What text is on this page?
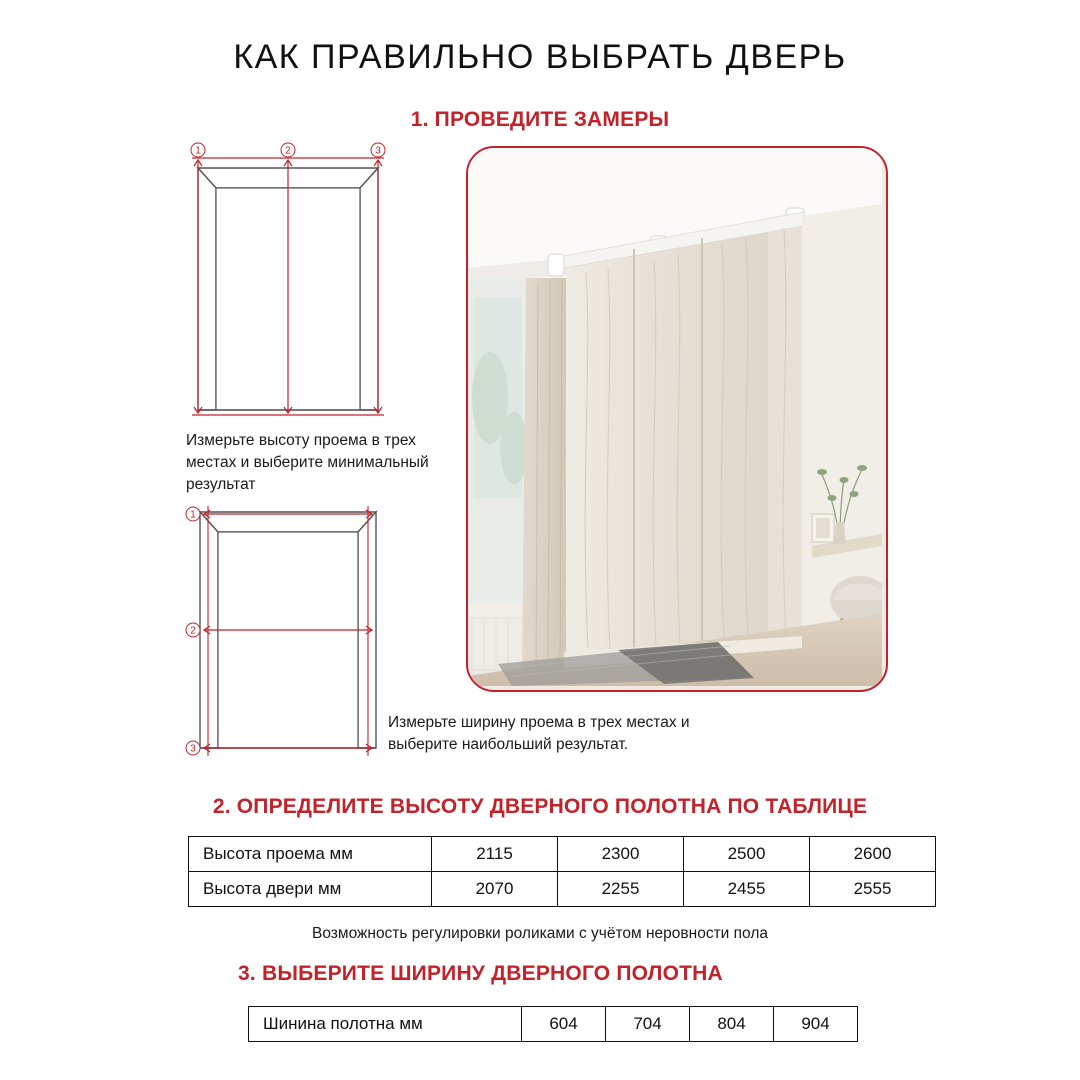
КАК ПРАВИЛЬНО ВЫБРАТЬ ДВЕРЬ
1. ПРОВЕДИТЕ ЗАМЕРЫ
1	2	3
Измерьте высоту проема в трех местах и выберите минимальный результат
1
2
3
Измерьте ширину проема в трех местах и выберите наибольший результат.
2. ОПРЕДЕЛИТЕ ВЫСОТУ ДВЕРНОГО ПОЛОТНА ПО ТАБЛИЦЕ
Высота проема мм	2115	2300	2500	2600
Высота двери мм	2070	2255	2455	2555
Возможность регулировки роликами с учётом неровности пола
3. ВЫБЕРИТЕ ШИРИНУ ДВЕРНОГО ПОЛОТНА
Шинина полотна мм	604	704	804	904
